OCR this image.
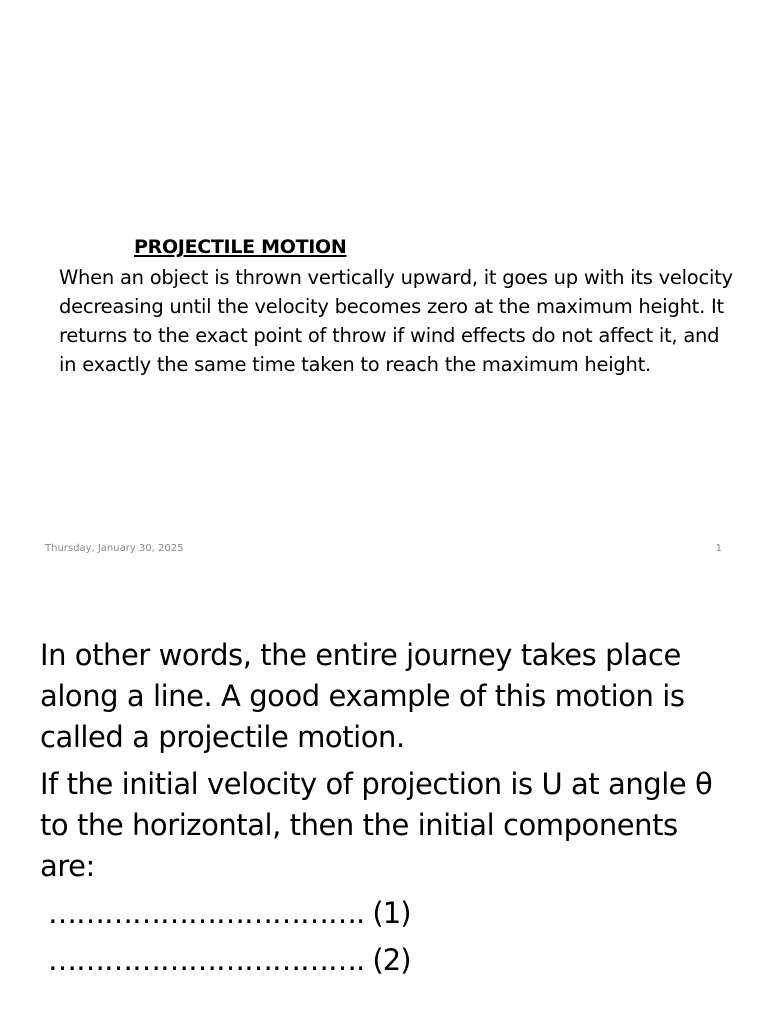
PROJECTILE MOTION
When an object is thrown vertically upward, it goes up with its velocity
decreasing until the velocity becomes zero at the maximum height. It
returns to the exact point of throw if wind effects do not affect it, and
in exactly the same time taken to reach the maximum height.
Thursday, January 30, 2025	1
In other words, the entire journey takes place
along a line. A good example of this motion is
called a projectile motion.
If the initial velocity of projection is U at angle θ
to the horizontal, then the initial components
are:
……………………………. (1)
……………………………. (2)
